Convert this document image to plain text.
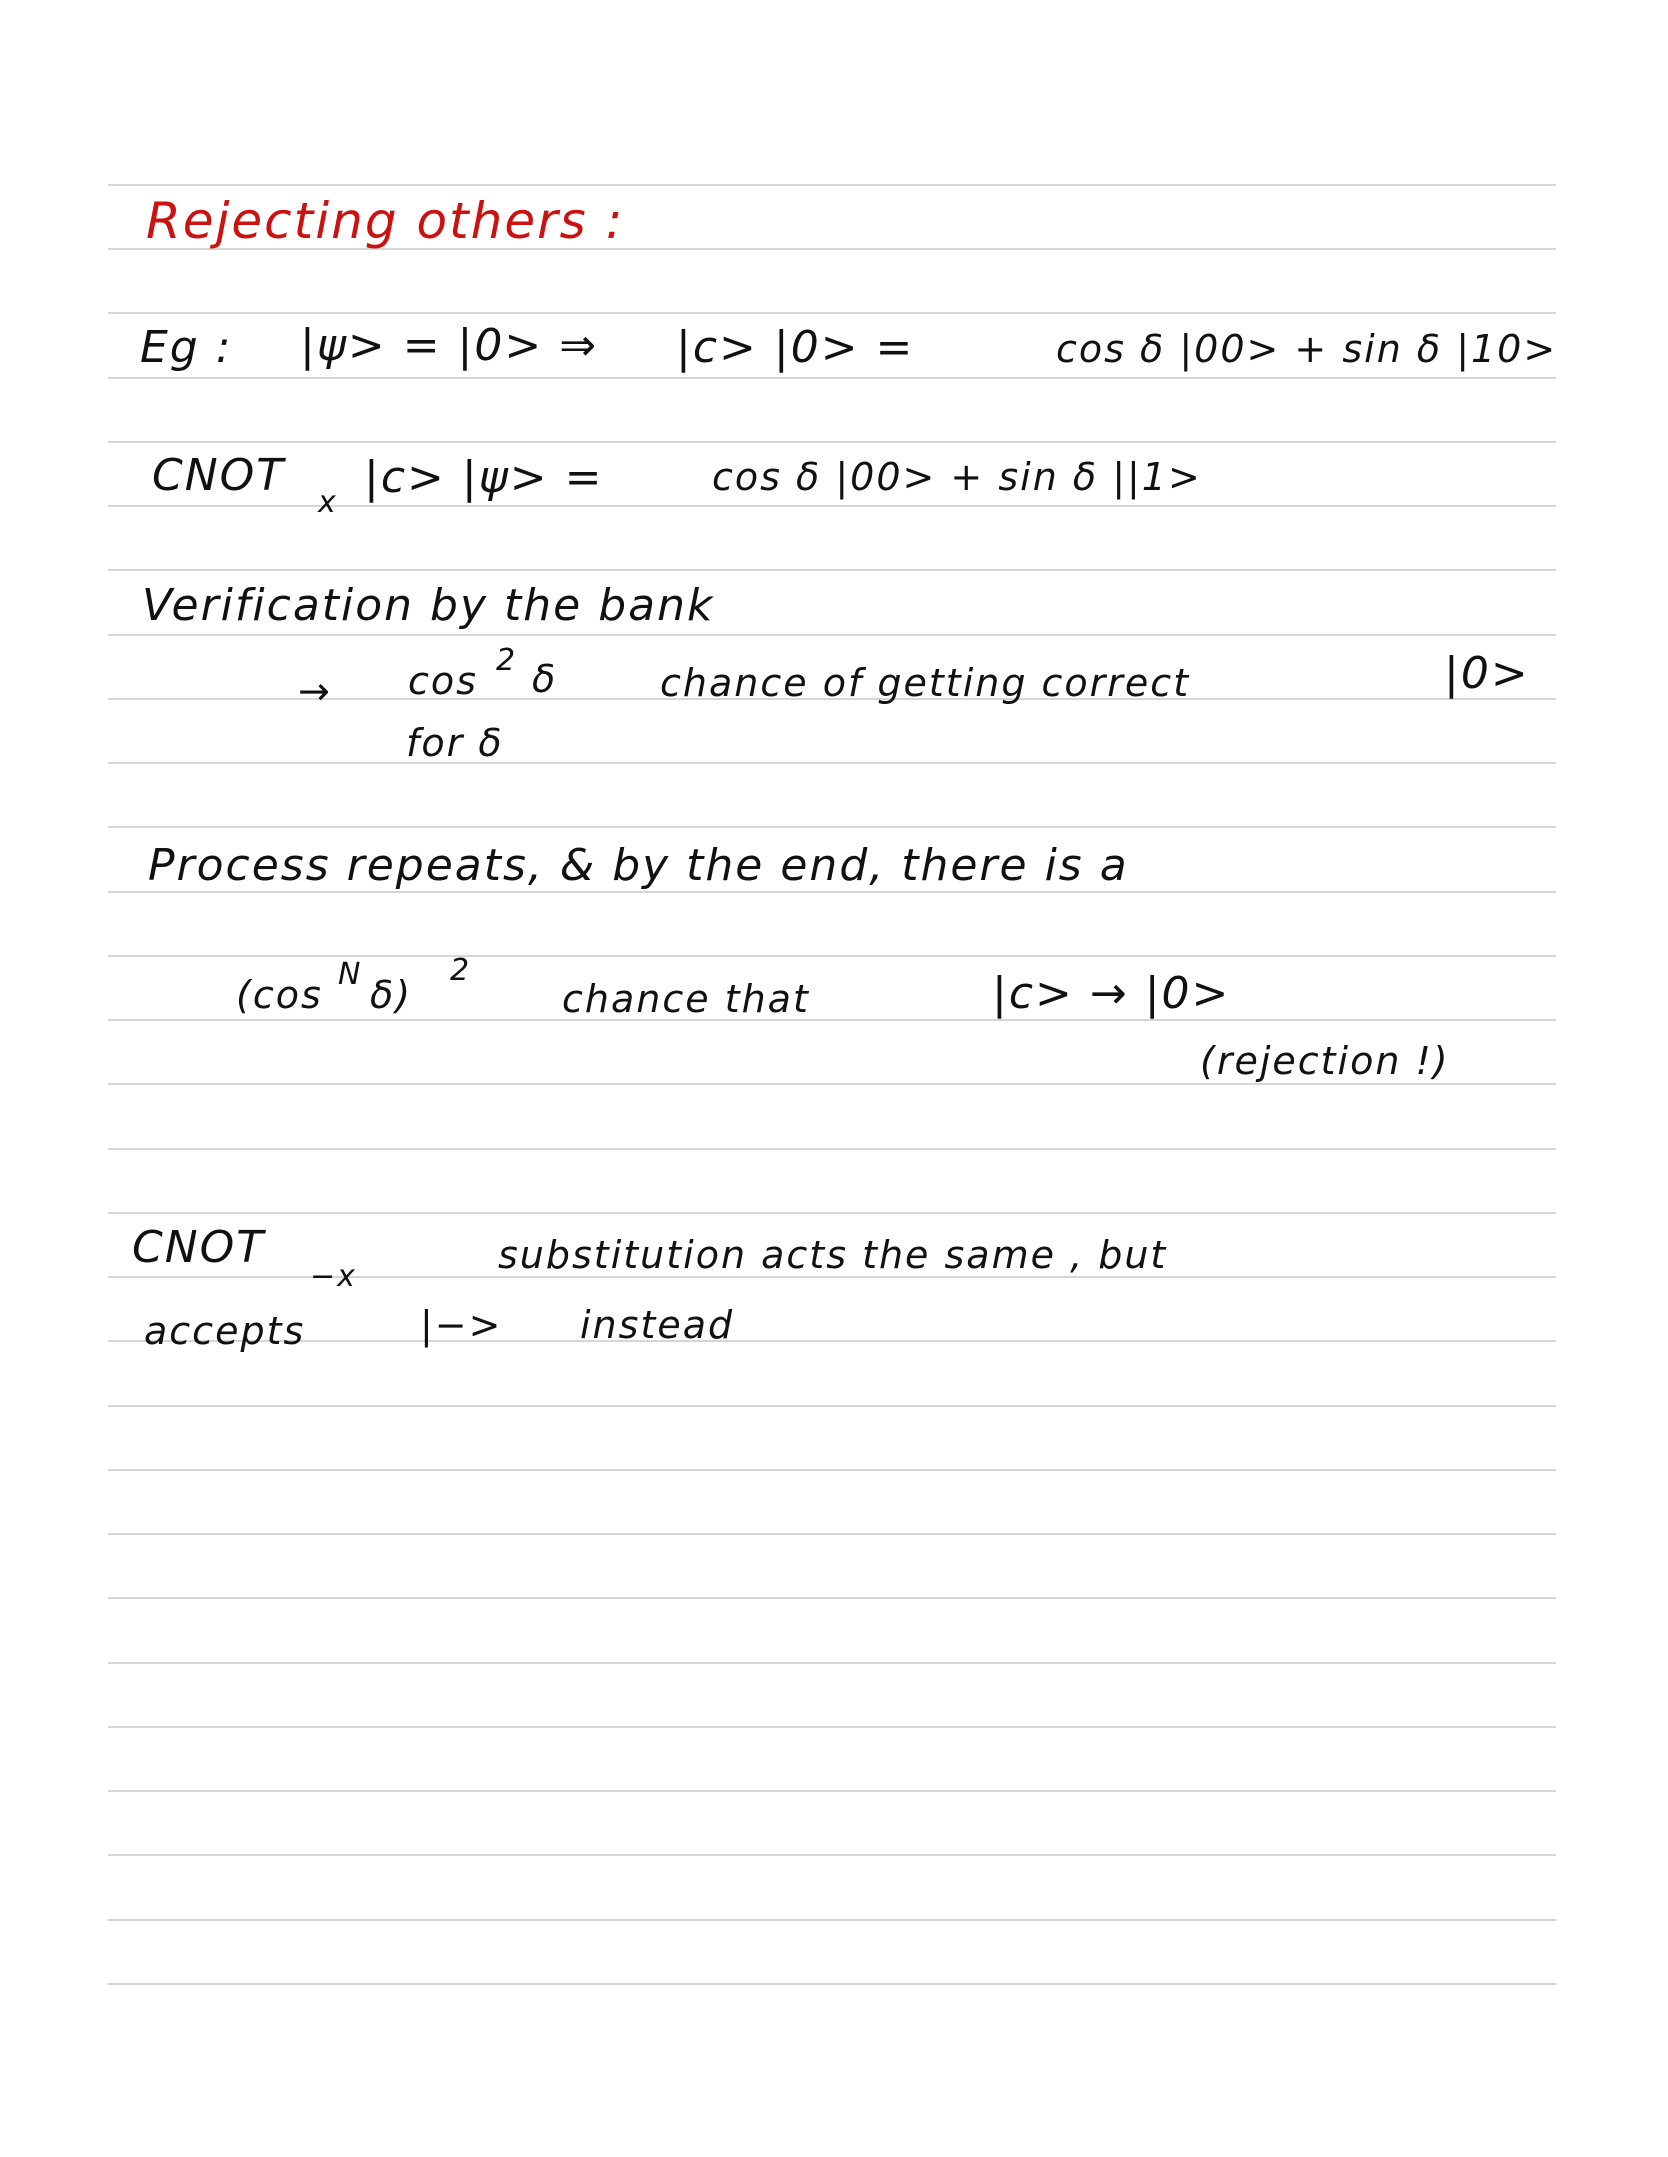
Rejecting others :
Eg : |ψ> = |0> ⇒ |c> |0> =	cos δ |00> + sin δ |10>
CNOT
x |c> |ψ> =	cos δ |00> + sin δ ||1>
Verification by the bank
→ cos 2 δ
for δ
chance of getting correct	|0>
Process repeats, & by the end, there is a
(cos N δ)
2
chance that	|c> → |0>
(rejection !)
CNOT
−x	substitution acts the same , but
accepts	|−> instead
